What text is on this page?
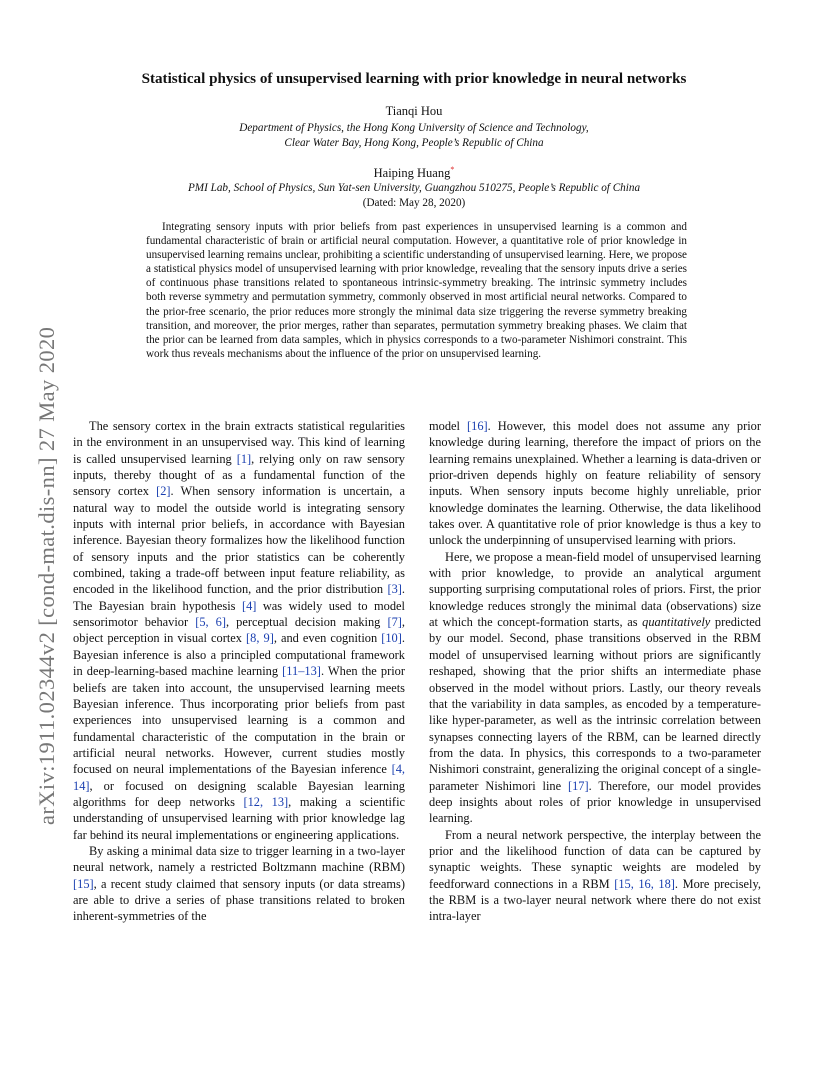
arXiv:1911.02344v2 [cond-mat.dis-nn] 27 May 2020
Statistical physics of unsupervised learning with prior knowledge in neural networks
Tianqi Hou
Department of Physics, the Hong Kong University of Science and Technology,
Clear Water Bay, Hong Kong, People’s Republic of China
Haiping Huang*
PMI Lab, School of Physics, Sun Yat-sen University, Guangzhou 510275, People’s Republic of China
(Dated: May 28, 2020)
Integrating sensory inputs with prior beliefs from past experiences in unsupervised learning is a common and fundamental characteristic of brain or artificial neural computation. However, a quantitative role of prior knowledge in unsupervised learning remains unclear, prohibiting a scientific understanding of unsupervised learning. Here, we propose a statistical physics model of unsupervised learning with prior knowledge, revealing that the sensory inputs drive a series of continuous phase transitions related to spontaneous intrinsic-symmetry breaking. The intrinsic symmetry includes both reverse symmetry and permutation symmetry, commonly observed in most artificial neural networks. Compared to the prior-free scenario, the prior reduces more strongly the minimal data size triggering the reverse symmetry breaking transition, and moreover, the prior merges, rather than separates, permutation symmetry breaking phases. We claim that the prior can be learned from data samples, which in physics corresponds to a two-parameter Nishimori constraint. This work thus reveals mechanisms about the influence of the prior on unsupervised learning.

The sensory cortex in the brain extracts statistical regularities in the environment in an unsupervised way. This kind of learning is called unsupervised learning [1], relying only on raw sensory inputs, thereby thought of as a fundamental function of the sensory cortex [2]. When sensory information is uncertain, a natural way to model the outside world is integrating sensory inputs with internal prior beliefs, in accordance with Bayesian inference. Bayesian theory formalizes how the likelihood function of sensory inputs and the prior statistics can be coherently combined, taking a trade-off between input feature reliability, as encoded in the likelihood function, and the prior distribution [3]. The Bayesian brain hypothesis [4] was widely used to model sensorimotor behavior [5, 6], perceptual decision making [7], object perception in visual cortex [8, 9], and even cognition [10]. Bayesian inference is also a principled computational framework in deep-learning-based machine learning [11–13]. When the prior beliefs are taken into account, the unsupervised learning meets Bayesian inference. Thus incorporating prior beliefs from past experiences into unsupervised learning is a common and fundamental characteristic of the computation in the brain or artificial neural networks. However, current studies mostly focused on neural implementations of the Bayesian inference [4, 14], or focused on designing scalable Bayesian learning algorithms for deep networks [12, 13], making a scientific understanding of unsupervised learning with prior knowledge lag far behind its neural implementations or engineering applications.

By asking a minimal data size to trigger learning in a two-layer neural network, namely a restricted Boltzmann machine (RBM) [15], a recent study claimed that sensory inputs (or data streams) are able to drive a series of phase transitions related to broken inherent-symmetries of the

model [16]. However, this model does not assume any prior knowledge during learning, therefore the impact of priors on the learning remains unexplained. Whether a learning is data-driven or prior-driven depends highly on feature reliability of sensory inputs. When sensory inputs become highly unreliable, prior knowledge dominates the learning. Otherwise, the data likelihood takes over. A quantitative role of prior knowledge is thus a key to unlock the underpinning of unsupervised learning with priors.

Here, we propose a mean-field model of unsupervised learning with prior knowledge, to provide an analytical argument supporting surprising computational roles of priors. First, the prior knowledge reduces strongly the minimal data (observations) size at which the concept-formation starts, as quantitatively predicted by our model. Second, phase transitions observed in the RBM model of unsupervised learning without priors are significantly reshaped, showing that the prior shifts an intermediate phase observed in the model without priors. Lastly, our theory reveals that the variability in data samples, as encoded by a temperature-like hyper-parameter, as well as the intrinsic correlation between synapses connecting layers of the RBM, can be learned directly from the data. In physics, this corresponds to a two-parameter Nishimori constraint, generalizing the original concept of a single-parameter Nishimori line [17]. Therefore, our model provides deep insights about roles of prior knowledge in unsupervised learning.

From a neural network perspective, the interplay between the prior and the likelihood function of data can be captured by synaptic weights. These synaptic weights are modeled by feedforward connections in a RBM [15, 16, 18]. More precisely, the RBM is a two-layer neural network where there do not exist intra-layer
